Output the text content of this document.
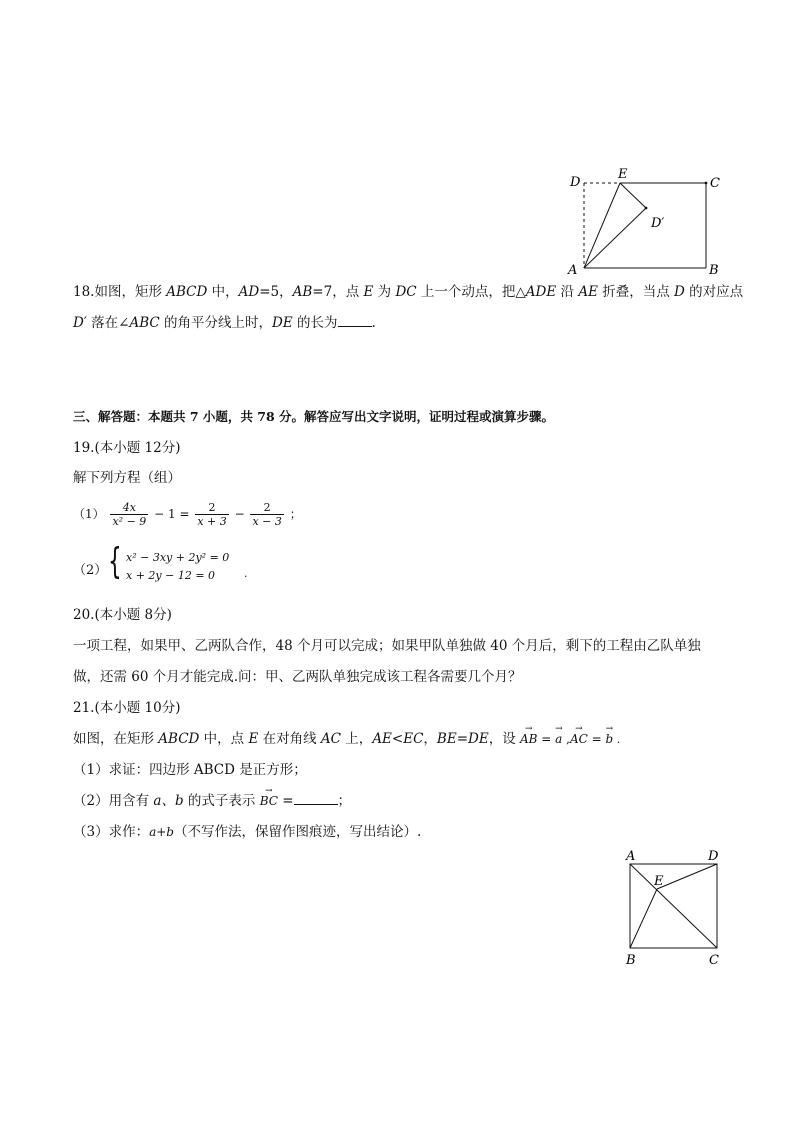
D
E
C
D′
A	B
18.如图，矩形 ABCD 中，AD=5，AB=7，点 E 为 DC 上一个动点，把△ADE 沿 AE 折叠，当点 D 的对应点
D′ 落在∠ABC 的角平分线上时，DE 的长为	.
三、解答题：本题共 7 小题，共 78 分。解答应写出文字说明，证明过程或演算步骤。
19.(本小题 12分)
解下列方程（组）
$(1) \frac{4x}{\text{x² − 9}} - 1 = \frac{2}{x + 3} - \frac{2}{x - 3}$ ；
（2） { x² − 3xy + 2y² = 0
x + 2y − 12 = 0	.
20.(本小题 8分)
一项工程，如果甲、乙两队合作，48 个月可以完成；如果甲队单独做 40 个月后，剩下的工程由乙队单独
做，还需 60 个月才能完成.问：甲、乙两队单独完成该工程各需要几个月？
21.(本小题 10分)
如图，在矩形 ABCD 中，点 E 在对角线 AC 上，AE<EC，BE=DE，设 → AB = → a ,→ AC = → b .
（1）求证：四边形 ABCD 是正方形；
（2）用含有 a、b 的式子表示 → BC =	；
（3）求作：a+b（不写作法，保留作图痕迹，写出结论）.
A	D
E
B	C
